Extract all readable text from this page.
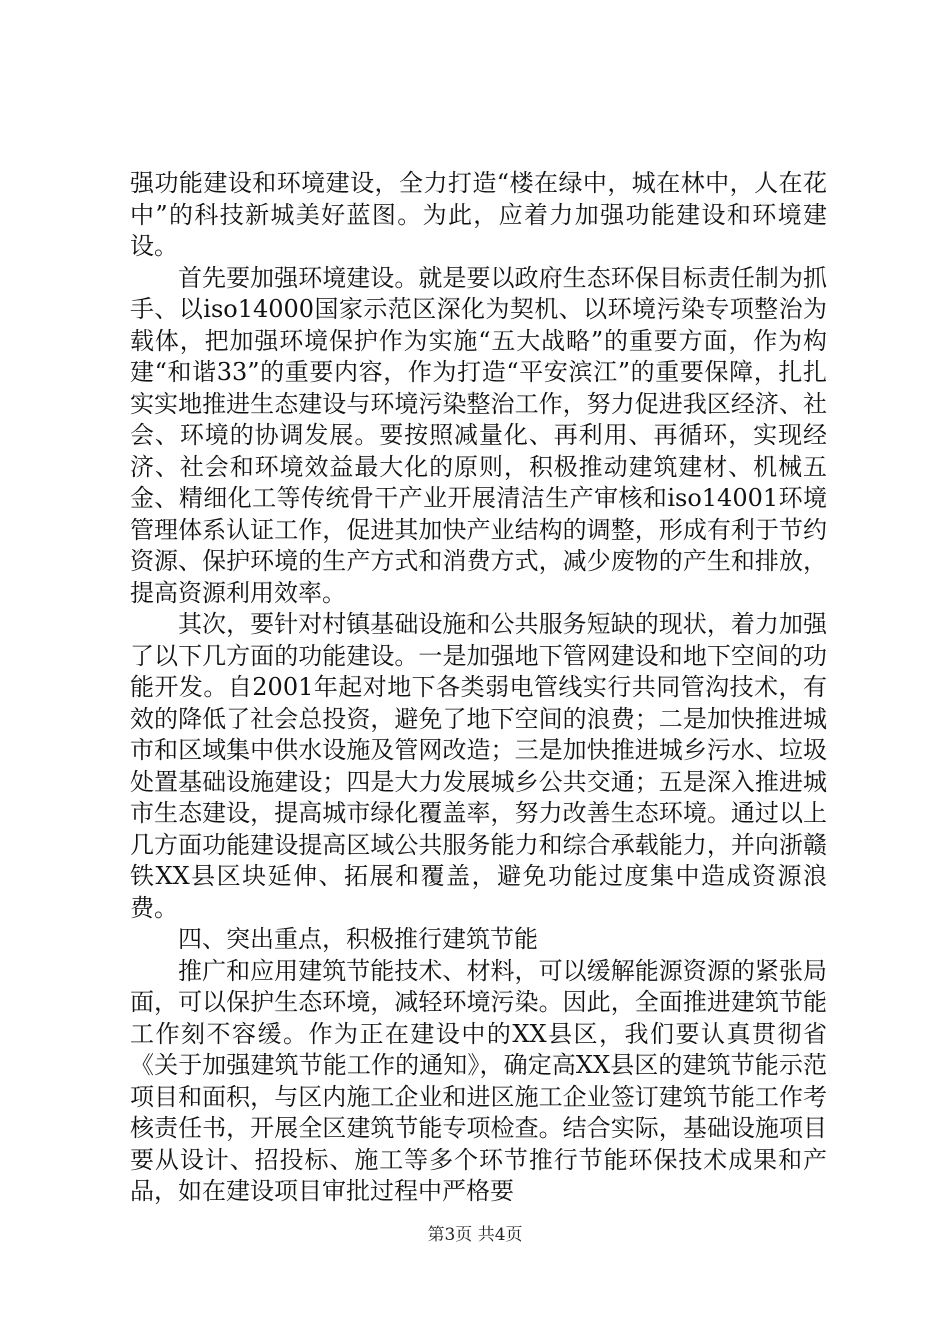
强功能建设和环境建设，全力打造“楼在绿中，城在林中，人在花中”的科技新城美好蓝图。为此，应着力加强功能建设和环境建设。

首先要加强环境建设。就是要以政府生态环保目标责任制为抓手、以iso14000国家示范区深化为契机、以环境污染专项整治为载体，把加强环境保护作为实施“五大战略”的重要方面，作为构建“和谐33”的重要内容，作为打造“平安滨江”的重要保障，扎扎实实地推进生态建设与环境污染整治工作，努力促进我区经济、社会、环境的协调发展。要按照减量化、再利用、再循环，实现经济、社会和环境效益最大化的原则，积极推动建筑建材、机械五金、精细化工等传统骨干产业开展清洁生产审核和iso14001环境管理体系认证工作，促进其加快产业结构的调整，形成有利于节约资源、保护环境的生产方式和消费方式，减少废物的产生和排放，提高资源利用效率。

其次，要针对村镇基础设施和公共服务短缺的现状，着力加强了以下几方面的功能建设。一是加强地下管网建设和地下空间的功能开发。自2001年起对地下各类弱电管线实行共同管沟技术，有效的降低了社会总投资，避免了地下空间的浪费；二是加快推进城市和区域集中供水设施及管网改造；三是加快推进城乡污水、垃圾处置基础设施建设；四是大力发展城乡公共交通；五是深入推进城市生态建设，提高城市绿化覆盖率，努力改善生态环境。通过以上几方面功能建设提高区域公共服务能力和综合承载能力，并向浙赣铁XX县区块延伸、拓展和覆盖，避免功能过度集中造成资源浪费。

四、突出重点，积极推行建筑节能

推广和应用建筑节能技术、材料，可以缓解能源资源的紧张局面，可以保护生态环境，减轻环境污染。因此，全面推进建筑节能工作刻不容缓。作为正在建设中的XX县区，我们要认真贯彻省《关于加强建筑节能工作的通知》，确定高XX县区的建筑节能示范项目和面积，与区内施工企业和进区施工企业签订建筑节能工作考核责任书，开展全区建筑节能专项检查。结合实际，基础设施项目要从设计、招投标、施工等多个环节推行节能环保技术成果和产品，如在建设项目审批过程中严格要

第3页 共4页
